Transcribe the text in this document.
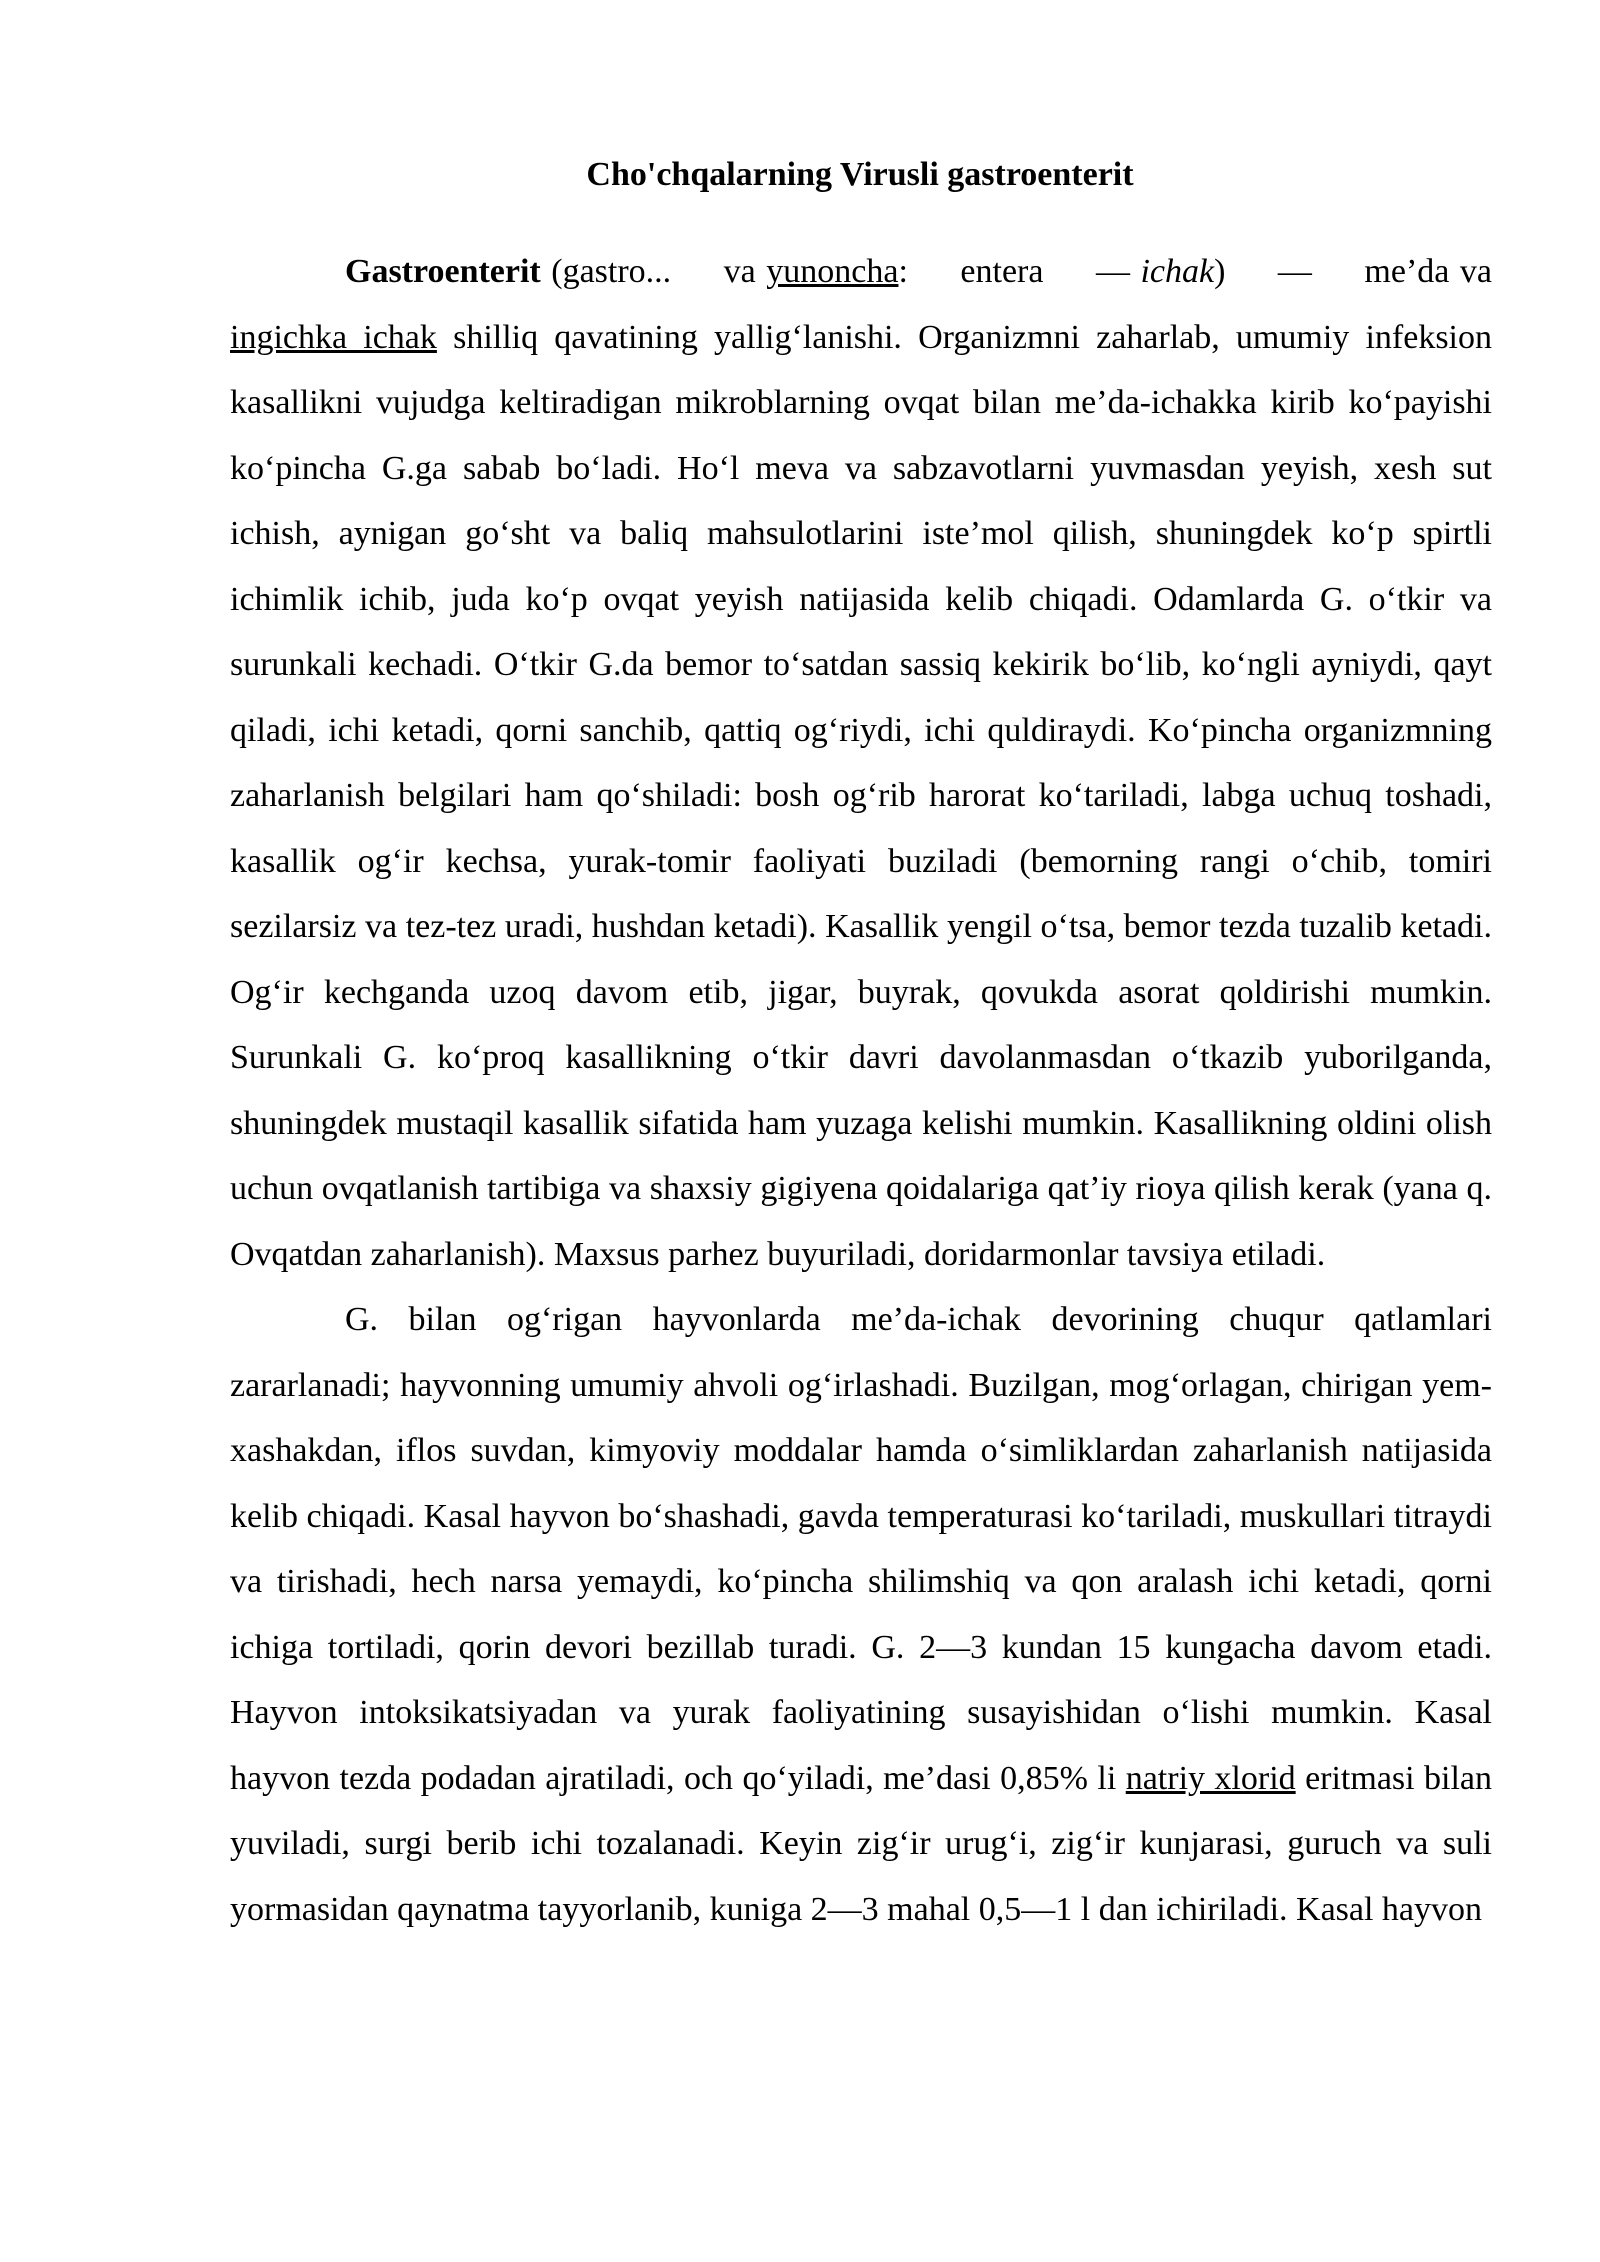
Cho'chqalarning Virusli gastroenterit

Gastroenterit (gastro...     va yunoncha:     entera     — ichak)     —     me’da va ingichka ichak shilliq qavatining yallig‘lanishi. Organizmni zaharlab, umumiy infeksion kasallikni vujudga keltiradigan mikroblarning ovqat bilan me’da-ichakka kirib ko‘payishi ko‘pincha G.ga sabab bo‘ladi. Ho‘l meva va sabzavotlarni yuvmasdan yeyish, xesh sut ichish, aynigan go‘sht va baliq mahsulotlarini iste’mol qilish, shuningdek ko‘p spirtli ichimlik ichib, juda ko‘p ovqat yeyish natijasida kelib chiqadi. Odamlarda G. o‘tkir va surunkali kechadi. O‘tkir G.da bemor to‘satdan sassiq kekirik bo‘lib, ko‘ngli ayniydi, qayt qiladi, ichi ketadi, qorni sanchib, qattiq og‘riydi, ichi quldiraydi. Ko‘pincha organizmning zaharlanish belgilari ham qo‘shiladi: bosh og‘rib harorat ko‘tariladi, labga uchuq toshadi, kasallik og‘ir kechsa, yurak-tomir faoliyati buziladi (bemorning rangi o‘chib, tomiri sezilarsiz va tez-tez uradi, hushdan ketadi). Kasallik yengil o‘tsa, bemor tezda tuzalib ketadi. Og‘ir kechganda uzoq davom etib, jigar, buyrak, qovukda asorat qoldirishi mumkin. Surunkali G. ko‘proq kasallikning o‘tkir davri davolanmasdan o‘tkazib yuborilganda, shuningdek mustaqil kasallik sifatida ham yuzaga kelishi mumkin. Kasallikning oldini olish uchun ovqatlanish tartibiga va shaxsiy gigiyena qoidalariga qat’iy rioya qilish kerak (yana q. Ovqatdan zaharlanish). Maxsus parhez buyuriladi, doridarmonlar tavsiya etiladi.

G. bilan og‘rigan hayvonlarda me’da-ichak devorining chuqur qatlamlari zararlanadi; hayvonning umumiy ahvoli og‘irlashadi. Buzilgan, mog‘orlagan, chirigan yem-xashakdan, iflos suvdan, kimyoviy moddalar hamda o‘simliklardan zaharlanish natijasida kelib chiqadi. Kasal hayvon bo‘shashadi, gavda temperaturasi ko‘tariladi, muskullari titraydi va tirishadi, hech narsa yemaydi, ko‘pincha shilimshiq va qon aralash ichi ketadi, qorni ichiga tortiladi, qorin devori bezillab turadi. G. 2—3 kundan 15 kungacha davom etadi. Hayvon intoksikatsiyadan va yurak faoliyatining susayishidan o‘lishi mumkin. Kasal hayvon tezda podadan ajratiladi, och qo‘yiladi, me’dasi 0,85% li natriy xlorid eritmasi bilan yuviladi, surgi berib ichi tozalanadi. Keyin zig‘ir urug‘i, zig‘ir kunjarasi, guruch va suli yormasidan qaynatma tayyorlanib, kuniga 2—3 mahal 0,5—1 l dan ichiriladi. Kasal hayvon
